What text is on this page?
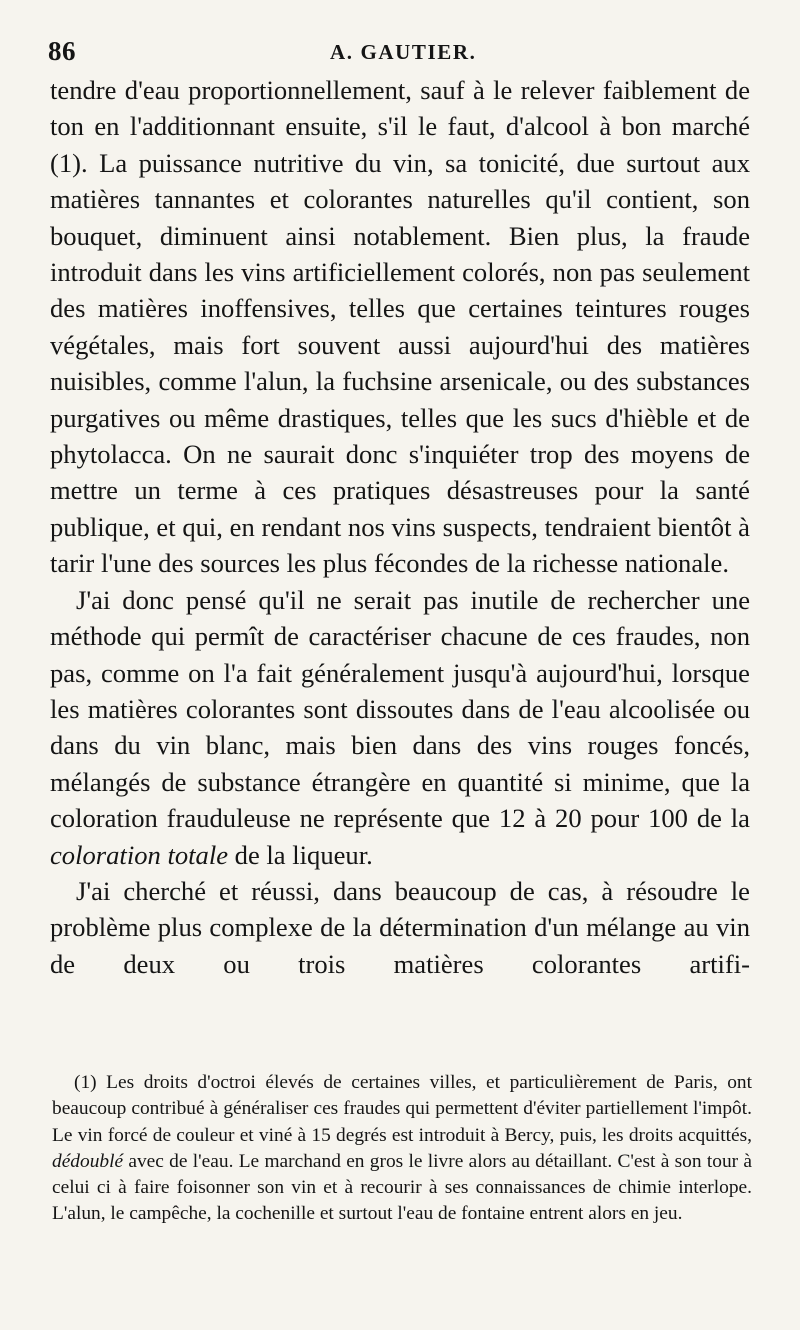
86	A. GAUTIER.

tendre d'eau proportionnellement, sauf à le relever faiblement de ton en l'additionnant ensuite, s'il le faut, d'alcool à bon marché (1). La puissance nutritive du vin, sa tonicité, due surtout aux matières tannantes et colorantes naturelles qu'il contient, son bouquet, diminuent ainsi notablement. Bien plus, la fraude introduit dans les vins artificiellement colorés, non pas seulement des matières inoffensives, telles que certaines teintures rouges végétales, mais fort souvent aussi aujourd'hui des matières nuisibles, comme l'alun, la fuchsine arsenicale, ou des substances purgatives ou même drastiques, telles que les sucs d'hièble et de phytolacca. On ne saurait donc s'inquiéter trop des moyens de mettre un terme à ces pratiques désastreuses pour la santé publique, et qui, en rendant nos vins suspects, tendraient bientôt à tarir l'une des sources les plus fécondes de la richesse nationale.

J'ai donc pensé qu'il ne serait pas inutile de rechercher une méthode qui permît de caractériser chacune de ces fraudes, non pas, comme on l'a fait généralement jusqu'à aujourd'hui, lorsque les matières colorantes sont dissoutes dans de l'eau alcoolisée ou dans du vin blanc, mais bien dans des vins rouges foncés, mélangés de substance étrangère en quantité si minime, que la coloration frauduleuse ne représente que 12 à 20 pour 100 de la coloration totale de la liqueur.

J'ai cherché et réussi, dans beaucoup de cas, à résoudre le problème plus complexe de la détermination d'un mélange au vin de deux ou trois matières colorantes artifi-

(1) Les droits d'octroi élevés de certaines villes, et particulièrement de Paris, ont beaucoup contribué à généraliser ces fraudes qui permettent d'éviter partiellement l'impôt. Le vin forcé de couleur et viné à 15 degrés est introduit à Bercy, puis, les droits acquittés, dédoublé avec de l'eau. Le marchand en gros le livre alors au détaillant. C'est à son tour à celui ci à faire foisonner son vin et à recourir à ses connaissances de chimie interlope. L'alun, le campêche, la cochenille et surtout l'eau de fontaine entrent alors en jeu.
